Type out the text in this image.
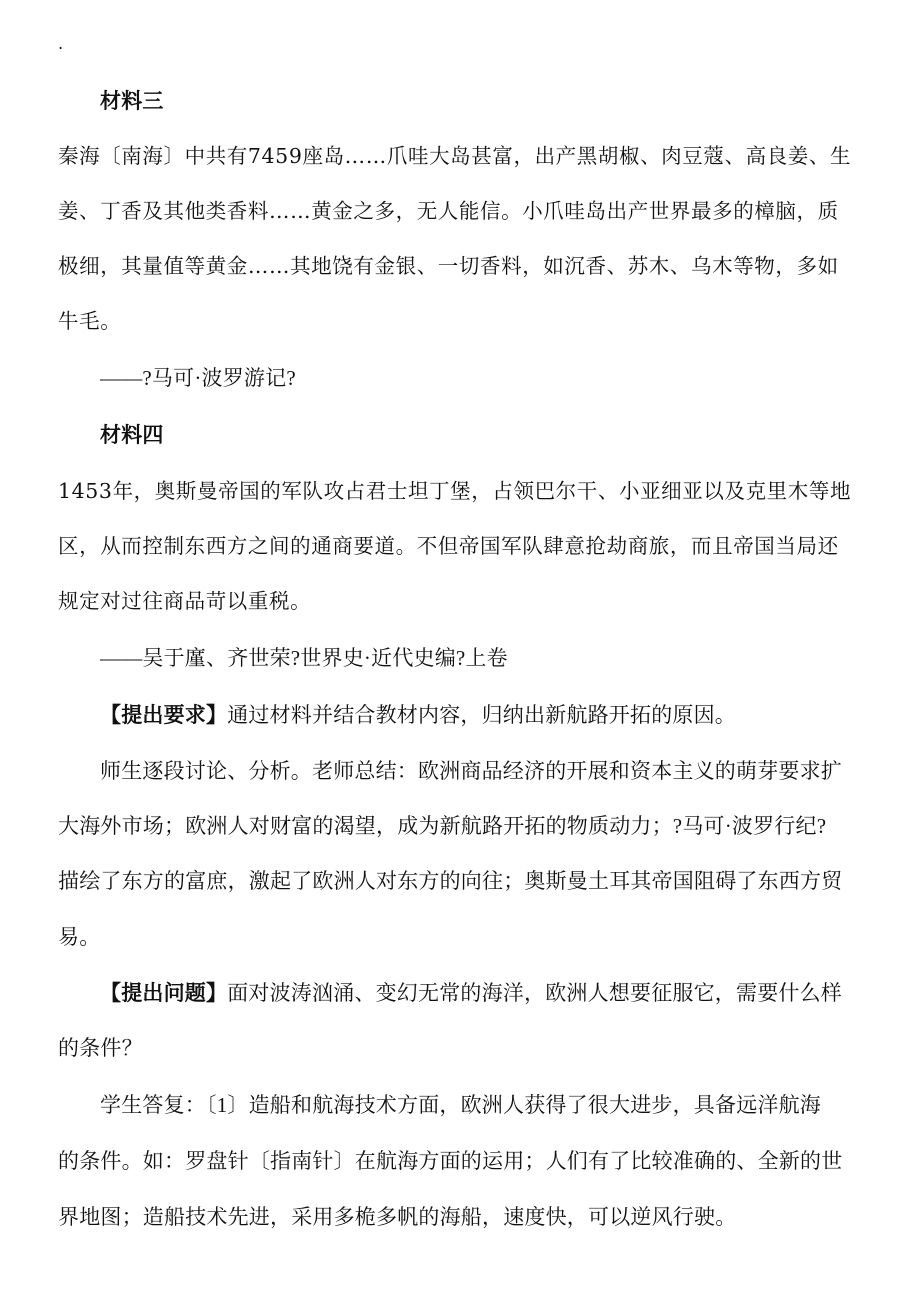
.
材料三
秦海〔南海〕中共有7459座岛……爪哇大岛甚富，出产黑胡椒、肉豆蔻、高良姜、生
姜、丁香及其他类香料……黄金之多，无人能信。小爪哇岛出产世界最多的樟脑，质
极细，其量值等黄金……其地饶有金银、一切香料，如沉香、苏木、乌木等物，多如
牛毛。
——?马可·波罗游记?
材料四
1453年，奥斯曼帝国的军队攻占君士坦丁堡，占领巴尔干、小亚细亚以及克里木等地
区，从而控制东西方之间的通商要道。不但帝国军队肆意抢劫商旅，而且帝国当局还
规定对过往商品苛以重税。
——吴于廑、齐世荣?世界史·近代史编?上卷
【提出要求】通过材料并结合教材内容，归纳出新航路开拓的原因。
师生逐段讨论、分析。老师总结：欧洲商品经济的开展和资本主义的萌芽要求扩
大海外市场；欧洲人对财富的渴望，成为新航路开拓的物质动力；?马可·波罗行纪?
描绘了东方的富庶，激起了欧洲人对东方的向往；奥斯曼土耳其帝国阻碍了东西方贸
易。
【提出问题】面对波涛汹涌、变幻无常的海洋，欧洲人想要征服它，需要什么样
的条件？
学生答复：〔1〕造船和航海技术方面，欧洲人获得了很大进步，具备远洋航海
的条件。如：罗盘针〔指南针〕在航海方面的运用；人们有了比较准确的、全新的世
界地图；造船技术先进，采用多桅多帆的海船，速度快，可以逆风行驶。
